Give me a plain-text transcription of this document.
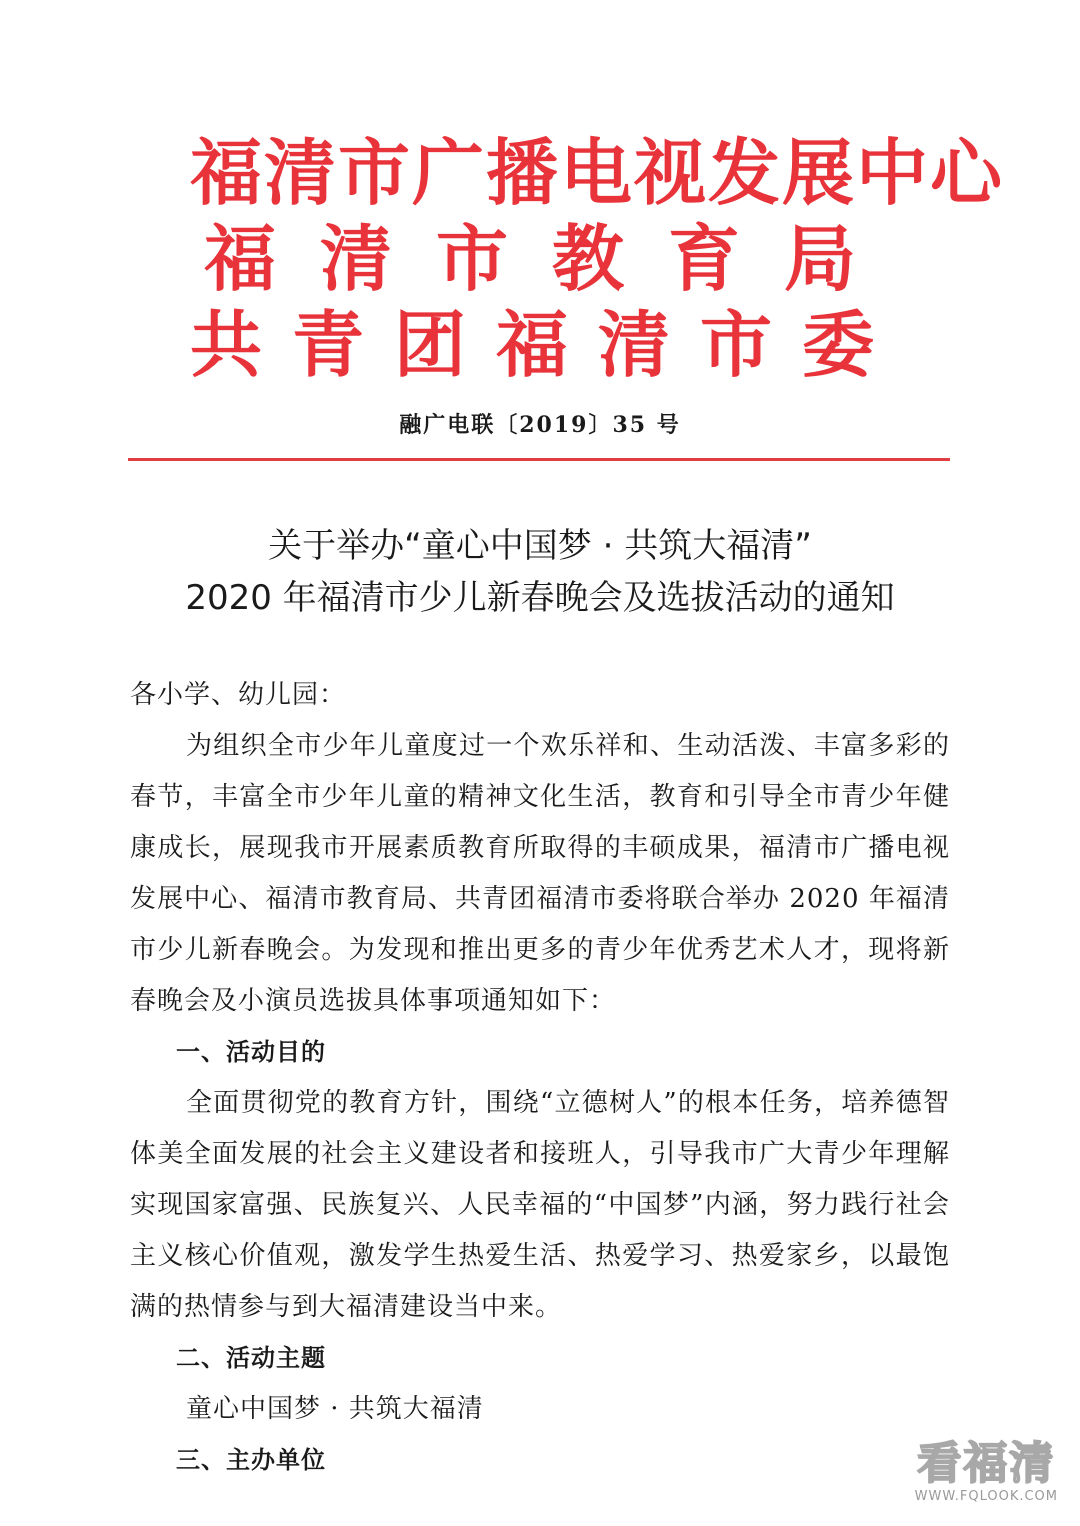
福清市广播电视发展中心
福清市教育局
共青团福清市委
融广电联〔2019〕35 号
关于举办“童心中国梦 · 共筑大福清”
2020 年福清市少儿新春晚会及选拔活动的通知

各小学、幼儿园：

为组织全市少年儿童度过一个欢乐祥和、生动活泼、丰富多彩的春节，丰富全市少年儿童的精神文化生活，教育和引导全市青少年健康成长，展现我市开展素质教育所取得的丰硕成果，福清市广播电视发展中心、福清市教育局、共青团福清市委将联合举办 2020 年福清市少儿新春晚会。为发现和推出更多的青少年优秀艺术人才，现将新春晚会及小演员选拔具体事项通知如下：

一、活动目的

全面贯彻党的教育方针，围绕“立德树人”的根本任务，培养德智体美全面发展的社会主义建设者和接班人，引导我市广大青少年理解实现国家富强、民族复兴、人民幸福的“中国梦”内涵，努力践行社会主义核心价值观，激发学生热爱生活、热爱学习、热爱家乡，以最饱满的热情参与到大福清建设当中来。

二、活动主题

童心中国梦 · 共筑大福清

三、主办单位	看福清
WWW.FQLOOK.COM
